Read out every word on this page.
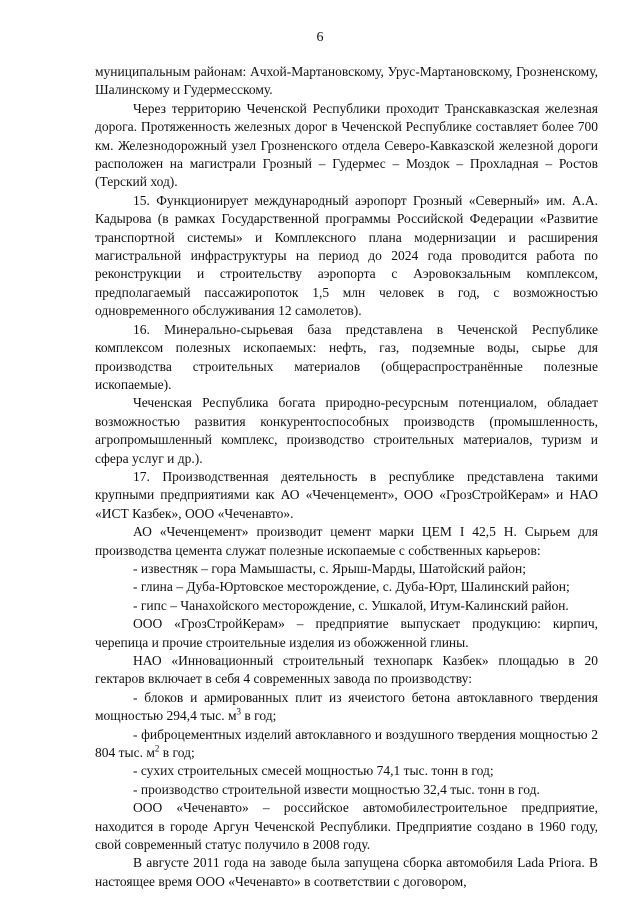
6

муниципальным районам: Ачхой-Мартановскому, Урус-Мартановскому, Грозненскому, Шалинскому и Гудермесскому.

Через территорию Чеченской Республики проходит Транскавказская железная дорога. Протяженность железных дорог в Чеченской Республике составляет более 700 км. Железнодорожный узел Грозненского отдела Северо-Кавказской железной дороги расположен на магистрали Грозный – Гудермес – Моздок – Прохладная – Ростов (Терский ход).

15. Функционирует международный аэропорт Грозный «Северный» им. А.А. Кадырова (в рамках Государственной программы Российской Федерации «Развитие транспортной системы» и Комплексного плана модернизации и расширения магистральной инфраструктуры на период до 2024 года проводится работа по реконструкции и строительству аэропорта с Аэровокзальным комплексом, предполагаемый пассажиропоток 1,5 млн человек в год, с возможностью одновременного обслуживания 12 самолетов).

16. Минерально-сырьевая база представлена в Чеченской Республике комплексом полезных ископаемых: нефть, газ, подземные воды, сырье для производства строительных материалов (общераспространённые полезные ископаемые).

Чеченская Республика богата природно-ресурсным потенциалом, обладает возможностью развития конкурентоспособных производств (промышленность, агропромышленный комплекс, производство строительных материалов, туризм и сфера услуг и др.).

17. Производственная деятельность в республике представлена такими крупными предприятиями как АО «Чеченцемент», ООО «ГрозСтройКерам» и НАО «ИСТ Казбек», ООО «Чеченавто».

АО «Чеченцемент» производит цемент марки ЦЕМ I 42,5 Н. Сырьем для производства цемента служат полезные ископаемые с собственных карьеров:

- известняк – гора Мамышасты, с. Ярыш-Марды, Шатойский район;

- глина – Дуба-Юртовское месторождение, с. Дуба-Юрт, Шалинский район;

- гипс – Чанахойского месторождение, с. Ушкалой, Итум-Калинский район.

ООО «ГрозСтройКерам» – предприятие выпускает продукцию: кирпич, черепица и прочие строительные изделия из обожженной глины.

НАО «Инновационный строительный технопарк Казбек» площадью в 20 гектаров включает в себя 4 современных завода по производству:

- блоков и армированных плит из ячеистого бетона автоклавного твердения мощностью 294,4 тыс. $м^3$ в год;

- фиброцементных изделий автоклавного и воздушного твердения мощностью 2 804 тыс. $м^2$ в год;

- сухих строительных смесей мощностью 74,1 тыс. тонн в год;

- производство строительной извести мощностью 32,4 тыс. тонн в год.

ООО «Чеченавто» – российское автомобилестроительное предприятие, находится в городе Аргун Чеченской Республики. Предприятие создано в 1960 году, свой современный статус получило в 2008 году.

В августе 2011 года на заводе была запущена сборка автомобиля Lada Priora. В настоящее время ООО «Чеченавто» в соответствии с договором,
